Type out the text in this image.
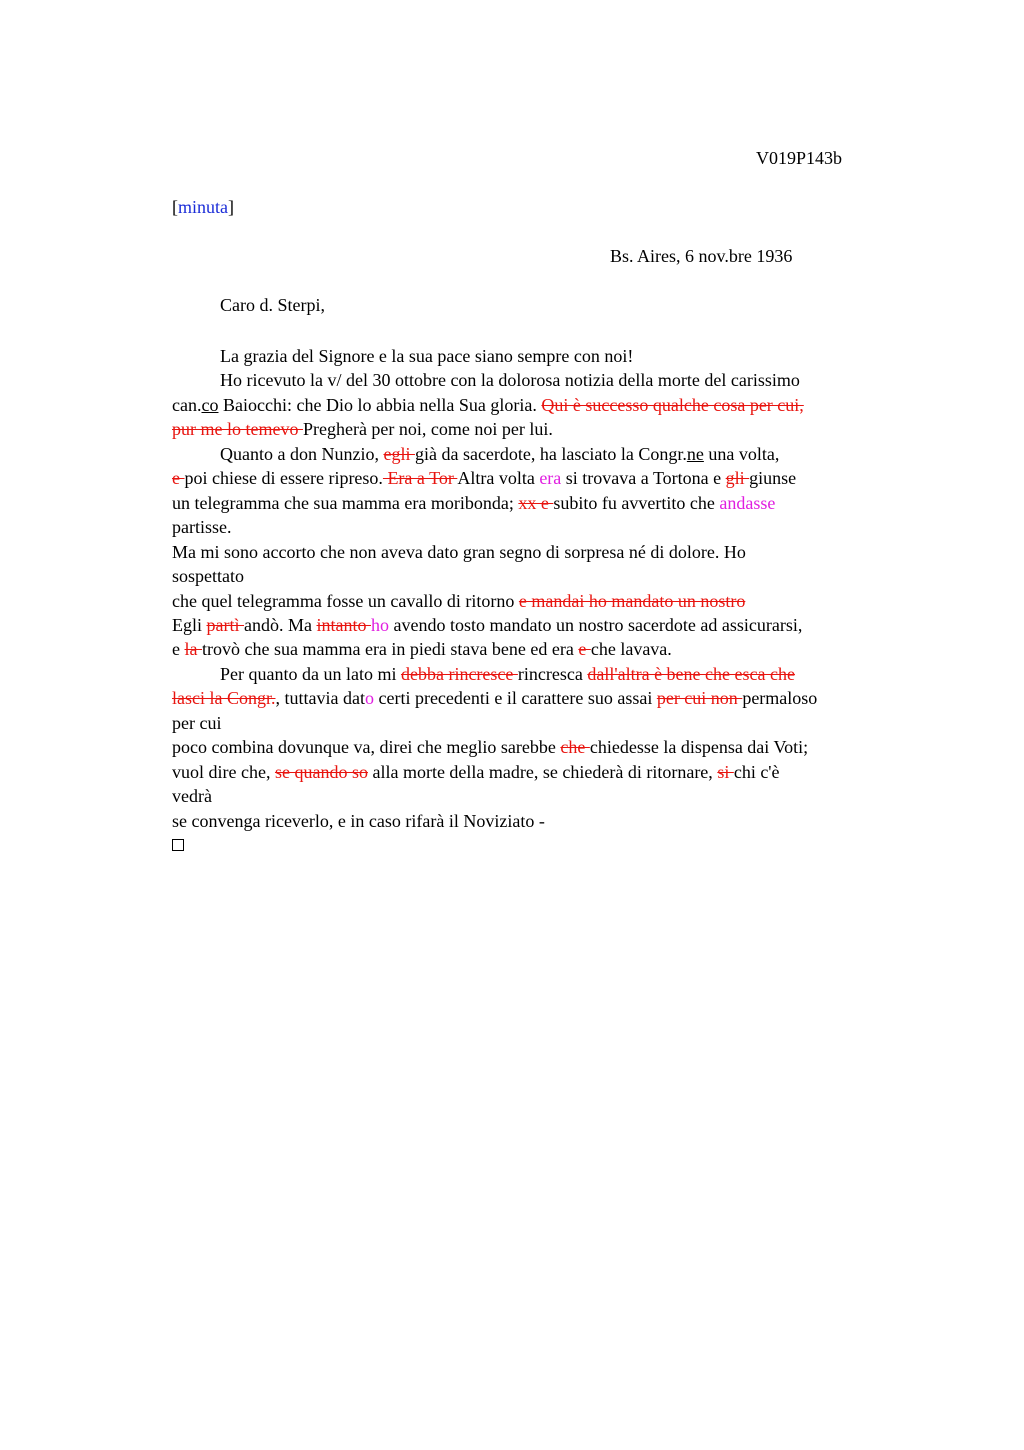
V019P143b
[minuta]
Bs. Aires, 6 nov.bre 1936
Caro d. Sterpi,
La grazia del Signore e la sua pace siano sempre con noi!
Ho ricevuto la v/ del 30 ottobre con la dolorosa notizia della morte del carissimo
can.co Baiocchi: che Dio lo abbia nella Sua gloria. Qui è successo qualche cosa per cui,
pur me lo temevo Pregherà per noi, come noi per lui.
Quanto a don Nunzio, egli già da sacerdote, ha lasciato la Congr.ne una volta,
e poi chiese di essere ripreso. Era a Tor Altra volta era si trovava a Tortona e gli giunse
un telegramma che sua mamma era moribonda; xx e subito fu avvertito che andasse
partisse.
Ma mi sono accorto che non aveva dato gran segno di sorpresa né di dolore. Ho
sospettato
che quel telegramma fosse un cavallo di ritorno e mandai ho mandato un nostro
Egli partì andò. Ma intanto ho avendo tosto mandato un nostro sacerdote ad assicurarsi,
e la trovò che sua mamma era in piedi stava bene ed era e che lavava.
Per quanto da un lato mi debba rincresce rincresca dall'altra è bene che esca che
lasci la Congr., tuttavia dato certi precedenti e il carattere suo assai per cui non permaloso
per cui
poco combina dovunque va, direi che meglio sarebbe che chiedesse la dispensa dai Voti;
vuol dire che, se quando so alla morte della madre, se chiederà di ritornare, si chi c'è
vedrà
se convenga riceverlo, e in caso rifarà il Noviziato -
